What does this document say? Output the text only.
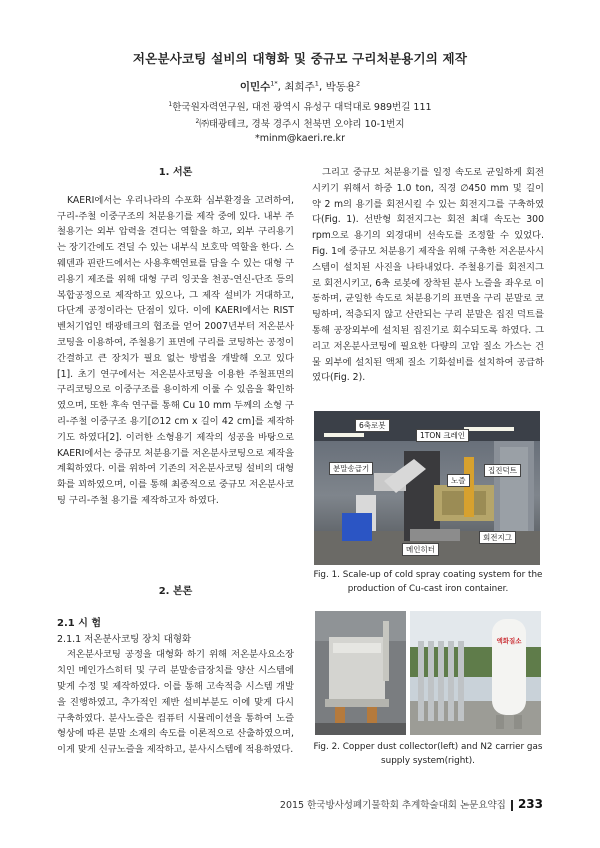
저온분사코팅 설비의 대형화 및 중규모 구리처분용기의 제작
이민수$^{1*}$, 최희주$^1$, 박동용$^2$
$^1$한국원자력연구원, 대전 광역시 유성구 대덕대로 989번길 111
$^2$㈜태광테크, 경북 경주시 천북면 오야리 10-1번지
*minm@kaeri.re.kr

1. 서론

KAERI에서는 우리나라의 수포화 심부환경을 고려하여, 구리-주철 이중구조의 처분용기를 제작 중에 있다. 내부 주철용기는 외부 압력을 견디는 역할을 하고, 외부 구리용기는 장기간에도 견딜 수 있는 내부식 보호막 역할을 한다. 스웨덴과 핀란드에서는 사용후핵연료를 담을 수 있는 대형 구리용기 제조를 위해 대형 구리 잉곳을 천공-연신-단조 등의 복합공정으로 제작하고 있으나, 그 제작 설비가 거대하고, 다단계 공정이라는 단점이 있다. 이에 KAERI에서는 RIST 벤처기업인 태광테크의 협조를 얻어 2007년부터 저온분사코팅을 이용하여, 주철용기 표면에 구리를 코팅하는 공정이 간결하고 큰 장치가 필요 없는 방법을 개발해 오고 있다[1]. 초기 연구에서는 저온분사코팅을 이용한 주철표면의 구리코팅으로 이중구조를 용이하게 이룰 수 있음을 확인하였으며, 또한 후속 연구를 통해 Cu 10 mm 두께의 소형 구리-주철 이중구조 용기[∅12 cm x 길이 42 cm]를 제작하기도 하였다[2]. 이러한 소형용기 제작의 성공을 바탕으로 KAERI에서는 중규모 처분용기를 저온분사코팅으로 제작을 계획하였다. 이를 위하여 기존의 저온분사코팅 설비의 대형화를 꾀하였으며, 이를 통해 최종적으로 중규모 저온분사코팅 구리-주철 용기를 제작하고자 하였다.

2. 본론

2.1 시 험

2.1.1 저온분사코팅 장치 대형화

저온분사코팅 공정을 대형화 하기 위해 저온분사요소장치인 메인가스히터 및 구리 분말송급장치를 양산 시스템에 맞게 수정 및 제작하였다. 이를 통해 고속적층 시스템 개발을 진행하였고, 추가적인 제반 설비부분도 이에 맞게 다시 구축하였다. 분사노즐은 컴퓨터 시뮬레이션을 통하여 노즐 형상에 따른 분말 소재의 속도를 이론적으로 산출하였으며, 이게 맞게 신규노즐을 제작하고, 분사시스템에 적용하였다.

그리고 중규모 처분용기를 일정 속도로 균일하게 회전시키기 위해서 하중 1.0 ton, 직경 ∅450 mm 및 길이 약 2 m의 용기를 회전시킬 수 있는 회전지그를 구축하였다(Fig. 1). 선반형 회전지그는 회전 최대 속도는 300 rpm으로 용기의 외경대비 선속도를 조정할 수 있었다. Fig. 1에 중규모 처분용기 제작을 위해 구축한 저온분사시스템이 설치된 사진을 나타내었다. 주철용기를 회전지그로 회전시키고, 6축 로봇에 장착된 분사 노즐을 좌우로 이동하며, 균일한 속도로 처분용기의 표면을 구리 분말로 코팅하며, 적층되지 않고 산란되는 구리 분말은 집진 덕트를 통해 공장외부에 설치된 집진기로 회수되도록 하였다. 그리고 저온분사코팅에 필요한 다량의 고압 질소 가스는 건물 외부에 설치된 액체 질소 기화설비를 설치하여 공급하였다(Fig. 2).

6축로봇
1TON 크레인
분말송급기
노즐
집진덕트
회전지그
메인히터
Fig. 1. Scale-up of cold spray coating system for the production of Cu-cast iron container.
액화질소
Fig. 2. Copper dust collector(left) and N2 carrier gas supply system(right).
2015 한국방사성폐기물학회 추계학술대회 논문요약집 233
